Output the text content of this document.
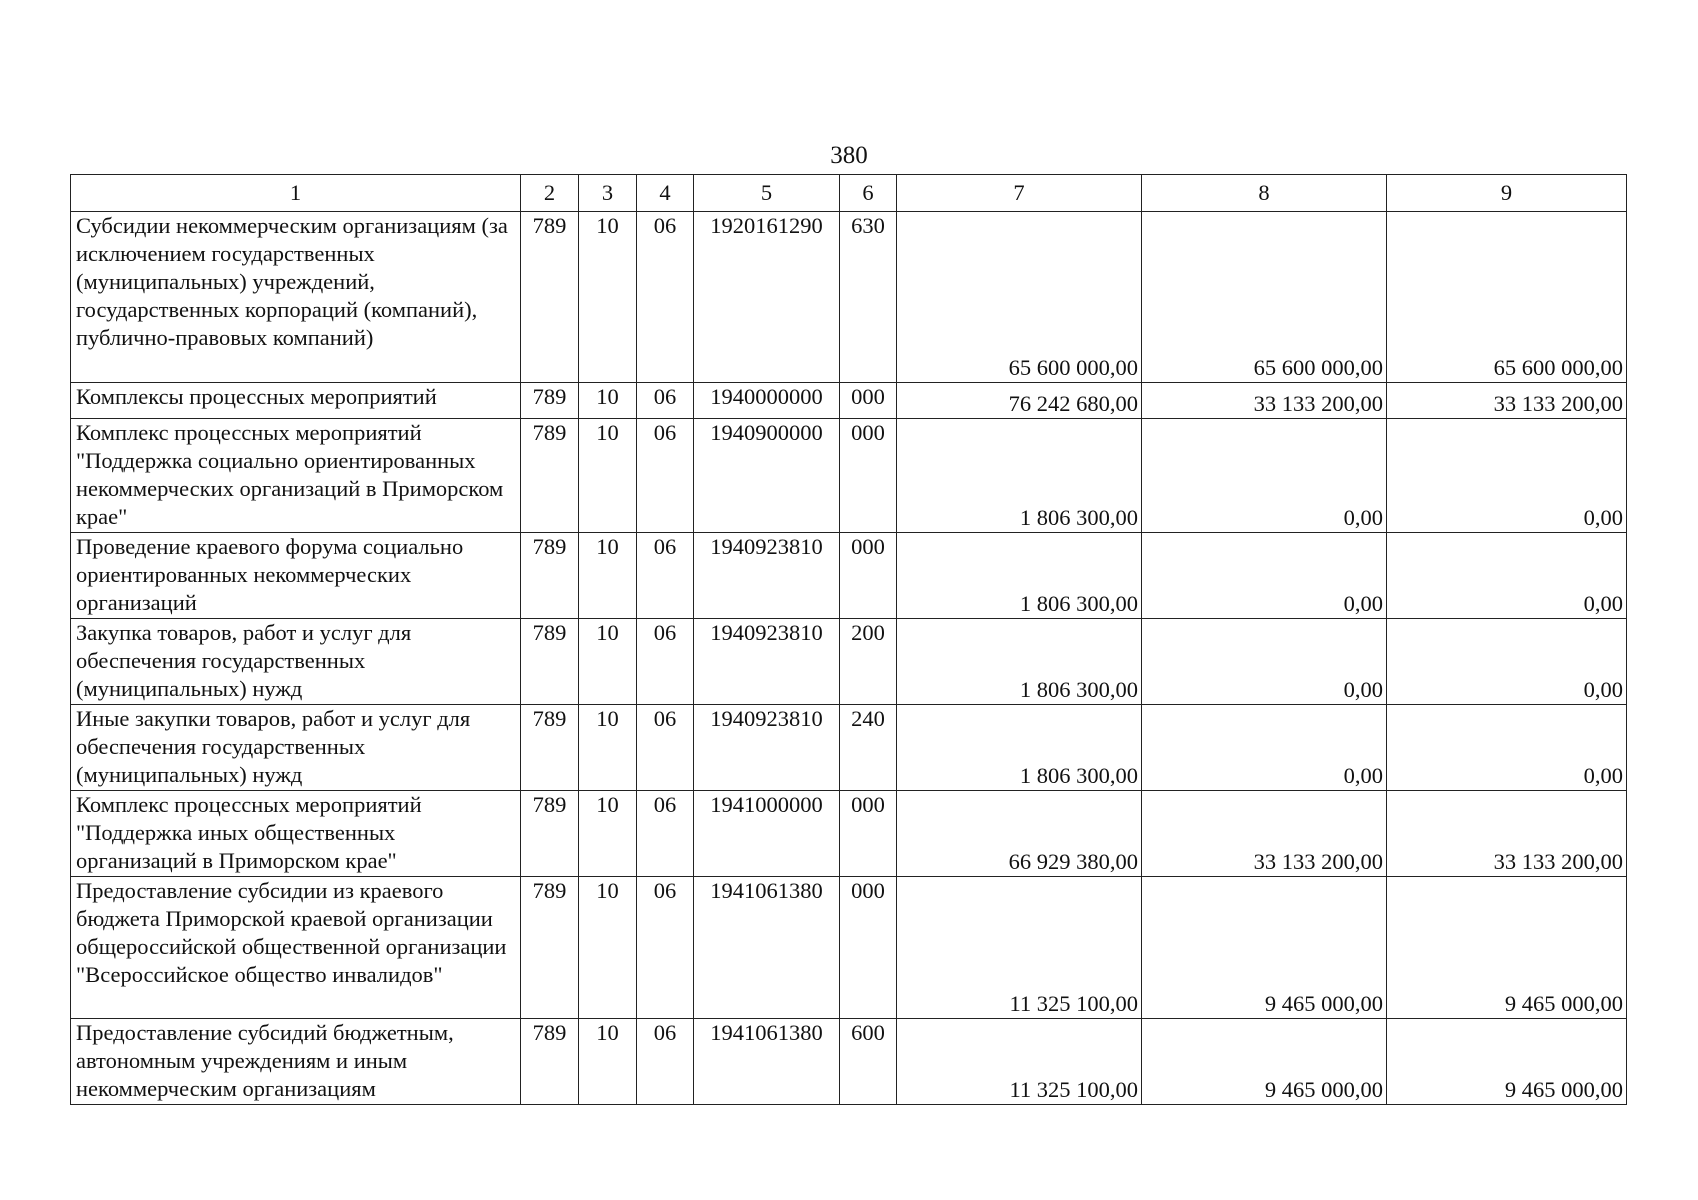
380
1	2	3	4	5	6	7	8	9
Субсидии некоммерческим организациям (за исключением государственных (муниципальных) учреждений, государственных корпораций (компаний), публично-правовых компаний)	789	10	06	1920161290	630	65 600 000,00	65 600 000,00	65 600 000,00
Комплексы процессных мероприятий	789	10	06	1940000000	000	76 242 680,00	33 133 200,00	33 133 200,00
Комплекс процессных мероприятий "Поддержка социально ориентированных некоммерческих организаций в Приморском крае"	789	10	06	1940900000	000	1 806 300,00	0,00	0,00
Проведение краевого форума социально ориентированных некоммерческих организаций	789	10	06	1940923810	000	1 806 300,00	0,00	0,00
Закупка товаров, работ и услуг для обеспечения государственных (муниципальных) нужд	789	10	06	1940923810	200	1 806 300,00	0,00	0,00
Иные закупки товаров, работ и услуг для обеспечения государственных (муниципальных) нужд	789	10	06	1940923810	240	1 806 300,00	0,00	0,00
Комплекс процессных мероприятий "Поддержка иных общественных организаций в Приморском крае"	789	10	06	1941000000	000	66 929 380,00	33 133 200,00	33 133 200,00
Предоставление субсидии из краевого бюджета Приморской краевой организации общероссийской общественной организации "Всероссийское общество инвалидов"	789	10	06	1941061380	000	11 325 100,00	9 465 000,00	9 465 000,00
Предоставление субсидий бюджетным, автономным учреждениям и иным некоммерческим организациям	789	10	06	1941061380	600	11 325 100,00	9 465 000,00	9 465 000,00
